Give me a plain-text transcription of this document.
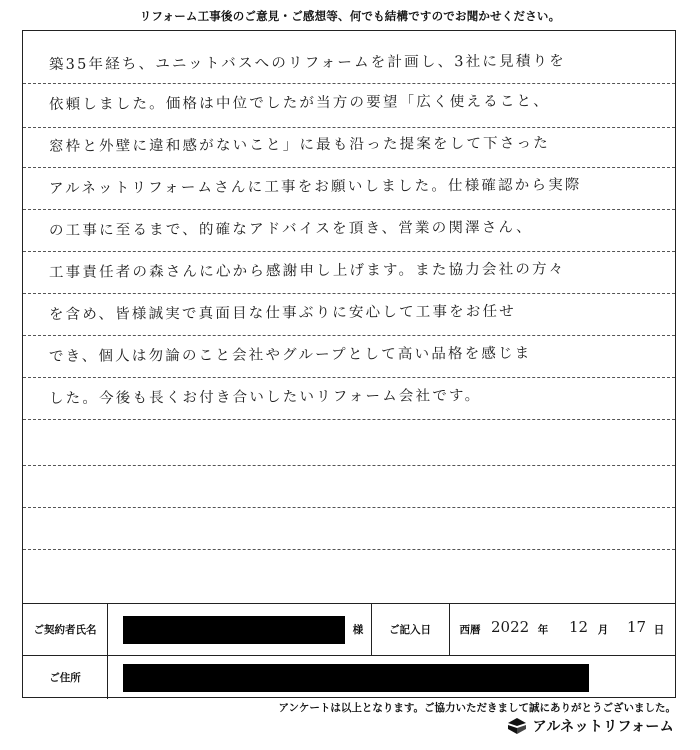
リフォーム工事後のご意見・ご感想等、何でも結構ですのでお聞かせください。
築35年経ち、ユニットバスへのリフォームを計画し、3社に見積りを
依頼しました。価格は中位でしたが当方の要望「広く使えること、
窓枠と外壁に違和感がないこと」に最も沿った提案をして下さった
アルネットリフォームさんに工事をお願いしました。仕様確認から実際
の工事に至るまで、的確なアドバイスを頂き、営業の関澤さん、
工事責任者の森さんに心から感謝申し上げます。また協力会社の方々
を含め、皆様誠実で真面目な仕事ぶりに安心して工事をお任せ
でき、個人は勿論のこと会社やグループとして高い品格を感じま
した。今後も長くお付き合いしたいリフォーム会社です。
ご契約者氏名	様	ご記入日	西暦 2022 年 12 月 17 日
ご住所
アンケートは以上となります。ご協力いただきまして誠にありがとうございました。
アルネットリフォーム
